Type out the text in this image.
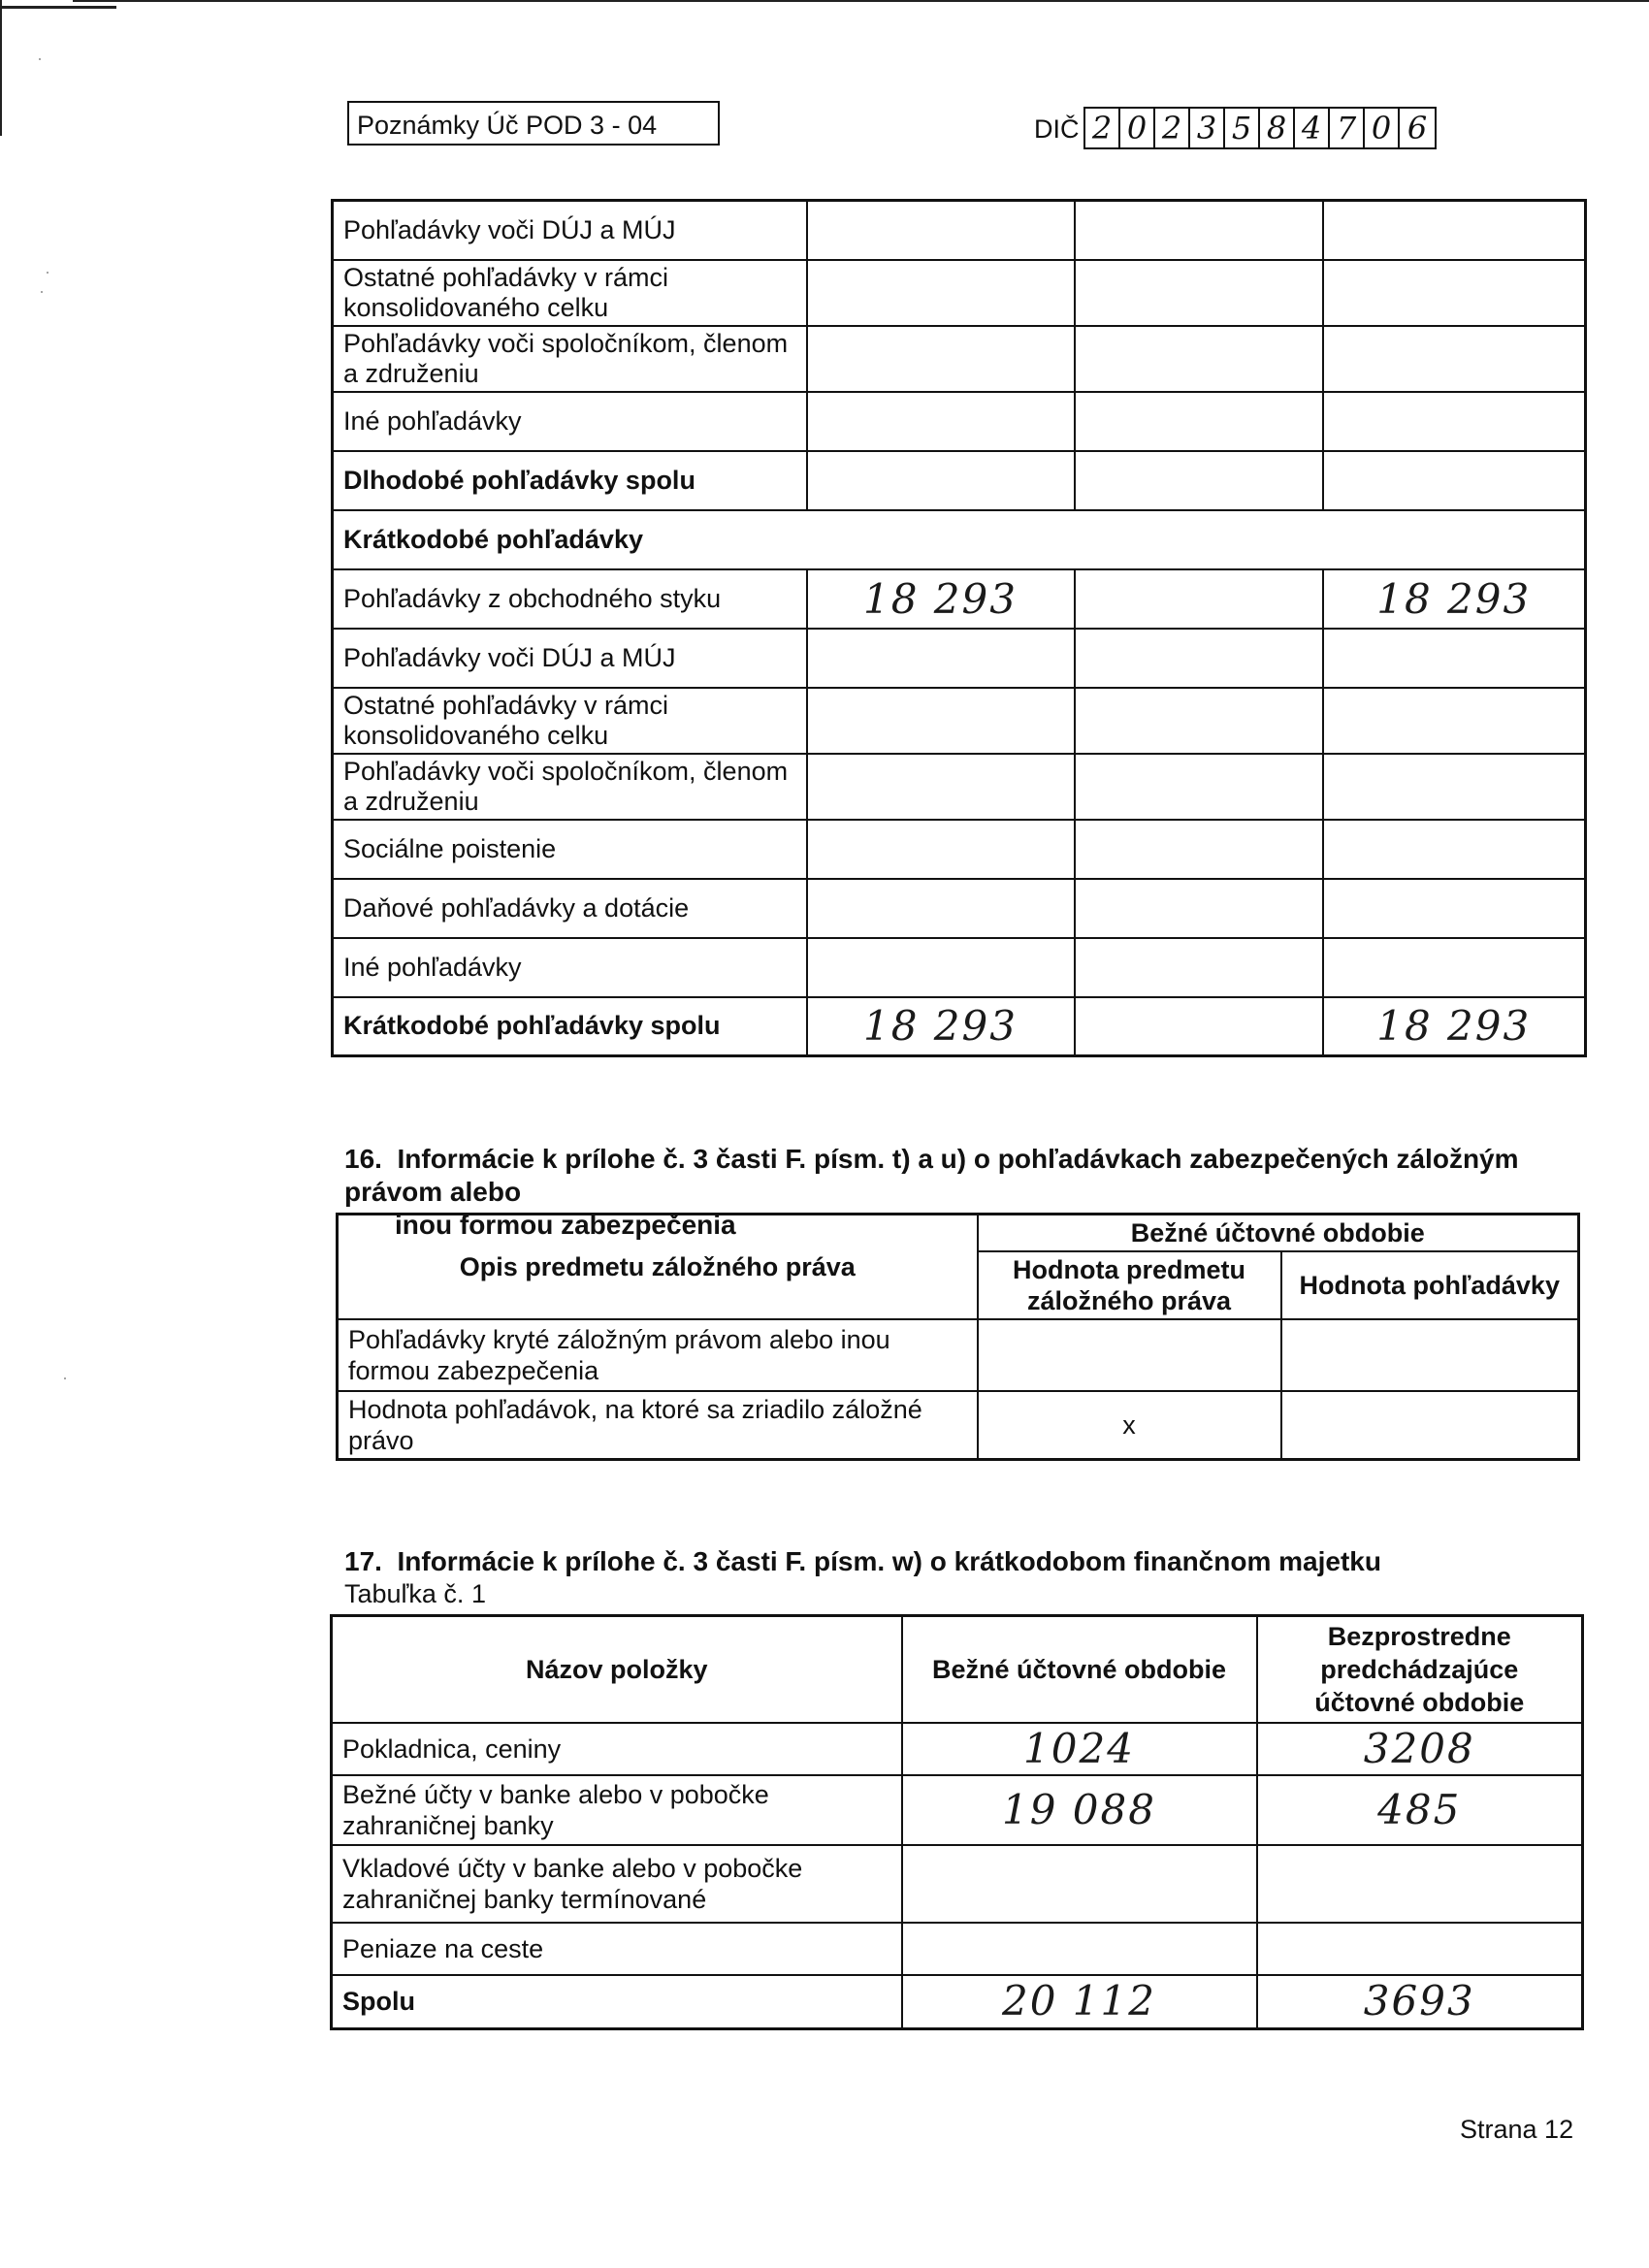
Poznámky Úč POD 3 - 04	DIČ 2 0 2 3 5 8 4 7 0 6
Pohľadávky voči DÚJ a MÚJ			
Ostatné pohľadávky v rámci konsolidovaného celku			
Pohľadávky voči spoločníkom, členom a združeniu			
Iné pohľadávky			
Dlhodobé pohľadávky spolu			
Krátkodobé pohľadávky			
Pohľadávky z obchodného styku	18 293		18 293
Pohľadávky voči DÚJ a MÚJ			
Ostatné pohľadávky v rámci konsolidovaného celku			
Pohľadávky voči spoločníkom, členom a združeniu			
Sociálne poistenie			
Daňové pohľadávky a dotácie			
Iné pohľadávky			
Krátkodobé pohľadávky spolu	18 293		18 293
16. Informácie k prílohe č. 3 časti F. písm. t) a u) o pohľadávkach zabezpečených záložným právom alebo
inou formou zabezpečenia
Opis predmetu záložného práva	Bežné účtovné obdobie	
	Hodnota predmetu záložného práva	Hodnota pohľadávky
Pohľadávky kryté záložným právom alebo inou formou zabezpečenia		
Hodnota pohľadávok, na ktoré sa zriadilo záložné právo	x	
17. Informácie k prílohe č. 3 časti F. písm. w) o krátkodobom finančnom majetku
Tabuľka č. 1
Názov položky	Bežné účtovné obdobie	Bezprostredne predchádzajúce účtovné obdobie
Pokladnica, ceniny	1024	3208
Bežné účty v banke alebo v pobočke zahraničnej banky	19 088	485
Vkladové účty v banke alebo v pobočke zahraničnej banky termínované		
Peniaze na ceste		
Spolu	20 112	3693
Strana 12
